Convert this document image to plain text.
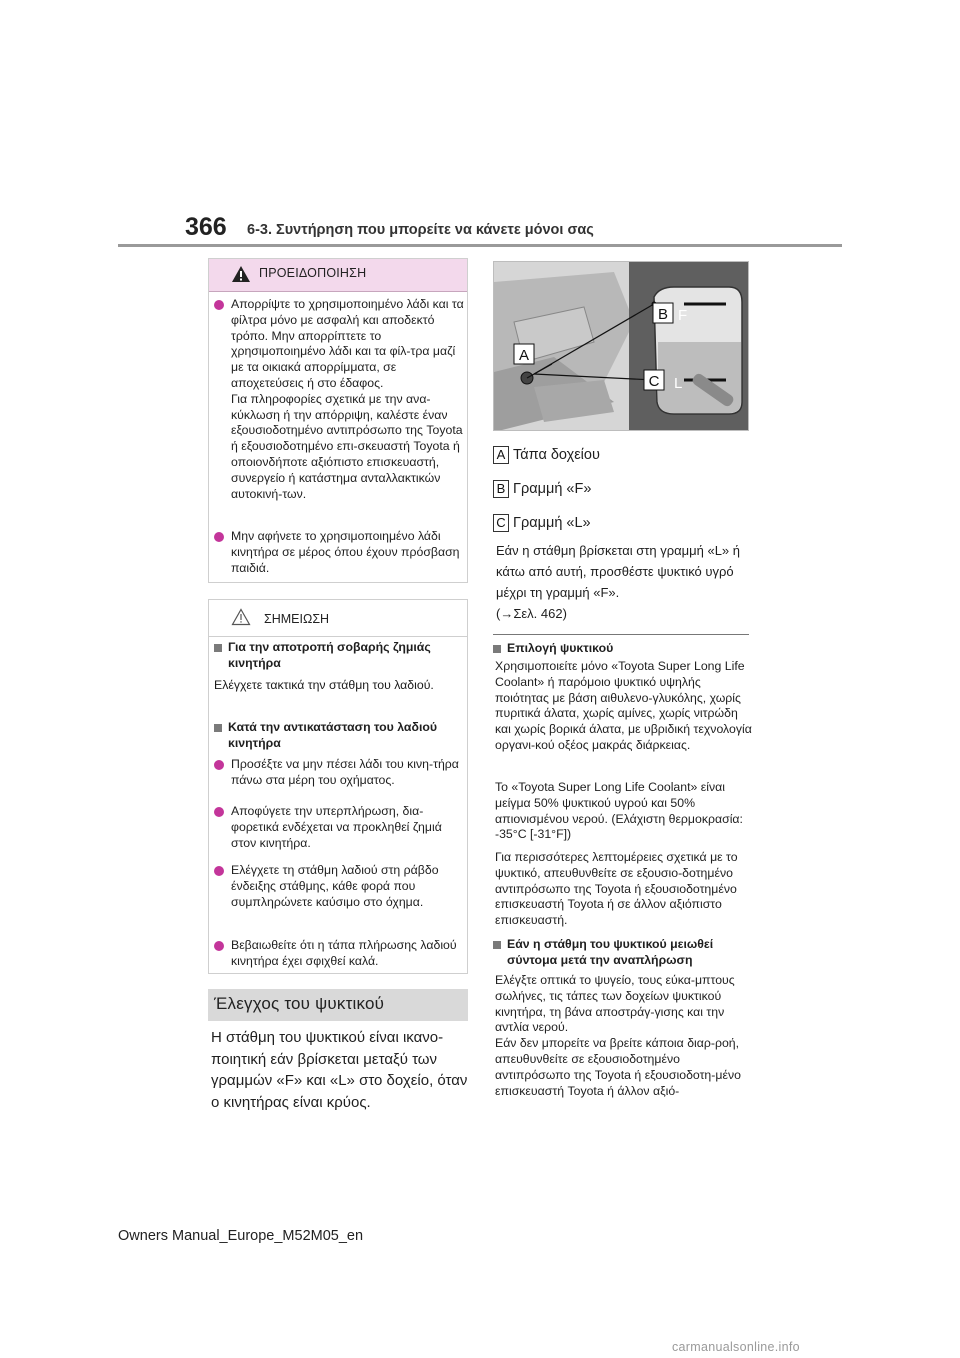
366 6-3. Συντήρηση που μπορείτε να κάνετε μόνοι σας
ΠΡΟΕΙΔΟΠΟΙΗΣΗ
Απορρίψτε το χρησιμοποιημένο λάδι και τα φίλτρα μόνο με ασφαλή και αποδεκτό τρόπο. Μην απορρίπτετε το χρησιμοποιημένο λάδι και τα φίλ-τρα μαζί με τα οικιακά απορρίμματα, σε αποχετεύσεις ή στο έδαφος.
Για πληροφορίες σχετικά με την ανα-κύκλωση ή την απόρριψη, καλέστε έναν εξουσιοδοτημένο αντιπρόσωπο της Toyota ή εξουσιοδοτημένο επι-σκευαστή Toyota ή οποιονδήποτε αξιόπιστο επισκευαστή, συνεργείο ή κατάστημα ανταλλακτικών αυτοκινή-των.
Μην αφήνετε το χρησιμοποιημένο λάδι κινητήρα σε μέρος όπου έχουν πρόσβαση παιδιά.
ΣΗΜΕΙΩΣΗ
Για την αποτροπή σοβαρής ζημιάς κινητήρα
Ελέγχετε τακτικά την στάθμη του λαδιού.
Κατά την αντικατάσταση του λαδιού κινητήρα
Προσέξτε να μην πέσει λάδι του κινη-τήρα πάνω στα μέρη του οχήματος.
Αποφύγετε την υπερπλήρωση, δια-φορετικά ενδέχεται να προκληθεί ζημιά στον κινητήρα.
Ελέγχετε τη στάθμη λαδιού στη ράβδο ένδειξης στάθμης, κάθε φορά που συμπληρώνετε καύσιμο στο όχημα.
Βεβαιωθείτε ότι η τάπα πλήρωσης λαδιού κινητήρα έχει σφιχθεί καλά.
Έλεγχος του ψυκτικού
Η στάθμη του ψυκτικού είναι ικανο-ποιητική εάν βρίσκεται μεταξύ των γραμμών «F» και «L» στο δοχείο, όταν ο κινητήρας είναι κρύος.
A
B
C
F
L
A Τάπα δοχείου
B Γραμμή «F»
C Γραμμή «L»
Εάν η στάθμη βρίσκεται στη γραμμή «L» ή κάτω από αυτή, προσθέστε ψυκτικό υγρό μέχρι τη γραμμή «F».
(→Σελ. 462)
Επιλογή ψυκτικού
Χρησιμοποιείτε μόνο «Toyota Super Long Life Coolant» ή παρόμοιο ψυκτικό υψηλής ποιότητας με βάση αιθυλενο-γλυκόλης, χωρίς πυριτικά άλατα, χωρίς αμίνες, χωρίς νιτρώδη και χωρίς βορικά άλατα, με υβριδική τεχνολογία οργανι-κού οξέος μακράς διάρκειας.
Το «Toyota Super Long Life Coolant» είναι μείγμα 50% ψυκτικού υγρού και 50% απιονισμένου νερού. (Ελάχιστη θερμοκρασία: -35°C [-31°F])
Για περισσότερες λεπτομέρειες σχετικά με το ψυκτικό, απευθυνθείτε σε εξουσιο-δοτημένο αντιπρόσωπο της Toyota ή εξουσιοδοτημένο επισκευαστή Toyota ή σε άλλον αξιόπιστο επισκευαστή.
Εάν η στάθμη του ψυκτικού μειωθεί σύντομα μετά την αναπλήρωση
Ελέγξτε οπτικά το ψυγείο, τους εύκα-μπτους σωλήνες, τις τάπες των δοχείων ψυκτικού κινητήρα, τη βάνα αποστράγ-γισης και την αντλία νερού.
Εάν δεν μπορείτε να βρείτε κάποια διαρ-ροή, απευθυνθείτε σε εξουσιοδοτημένο αντιπρόσωπο της Toyota ή εξουσιοδοτη-μένο επισκευαστή Toyota ή άλλον αξιό-
Owners Manual_Europe_M52M05_en
carmanualsonline.info
